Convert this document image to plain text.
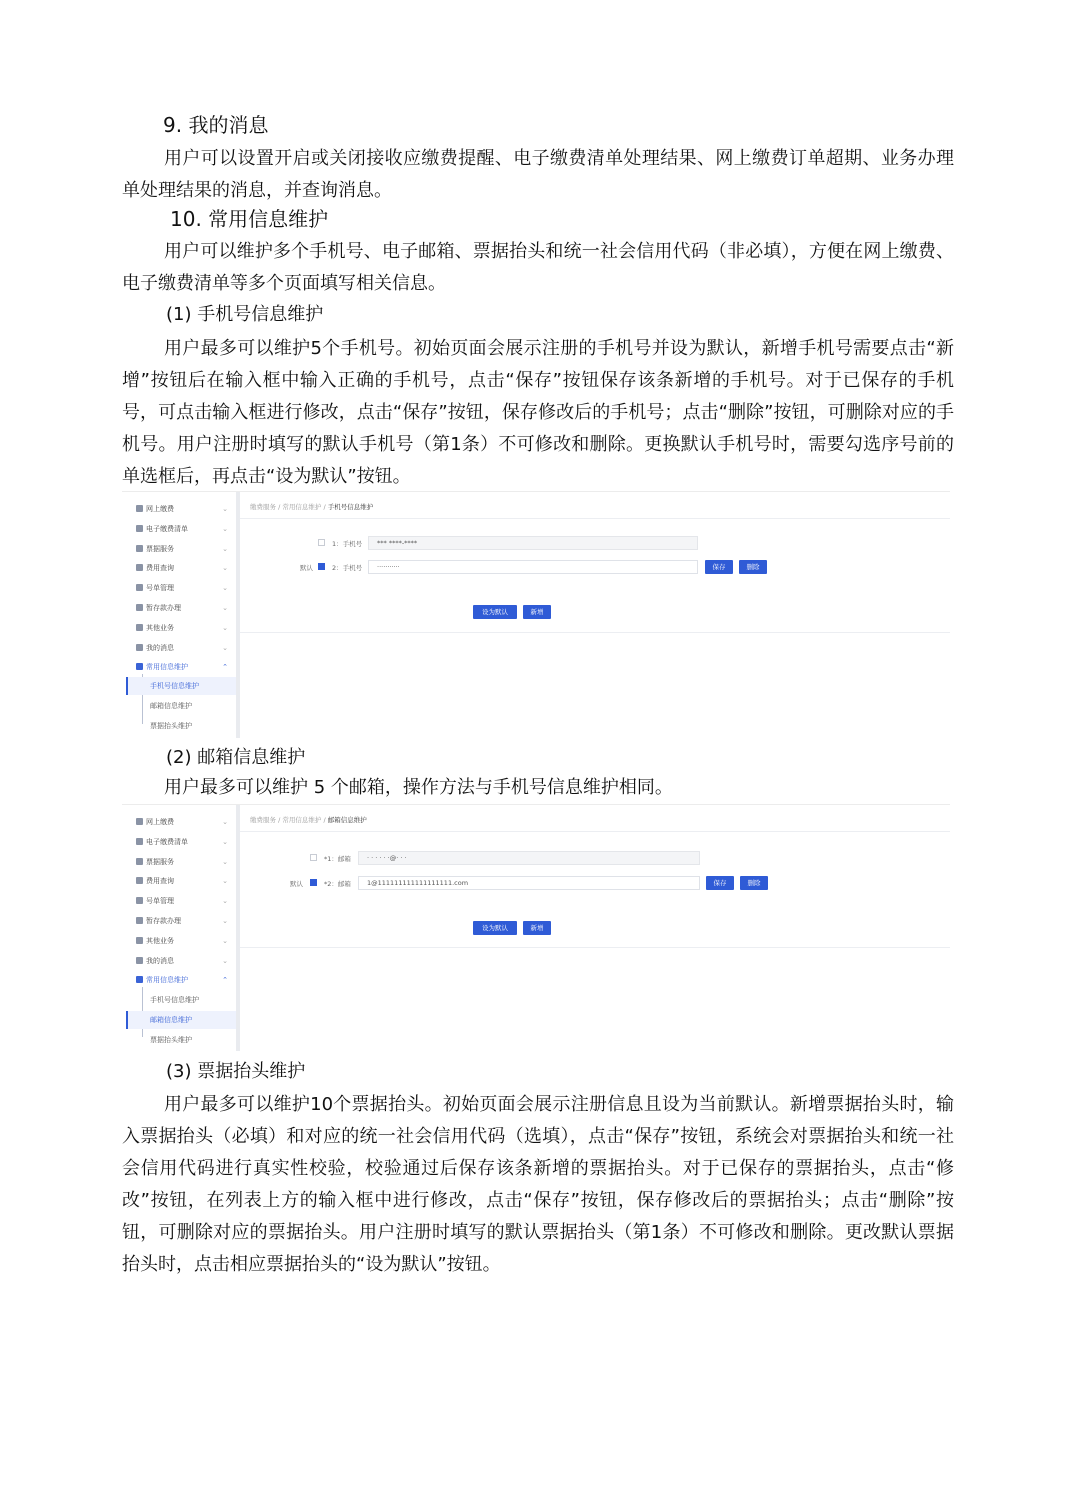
9. 我的消息
用户可以设置开启或关闭接收应缴费提醒、电子缴费清单处理结果、网上缴费订单超期、业务办理单处理结果的消息，并查询消息。
10. 常用信息维护
用户可以维护多个手机号、电子邮箱、票据抬头和统一社会信用代码（非必填），方便在网上缴费、电子缴费清单等多个页面填写相关信息。
(1) 手机号信息维护
用户最多可以维护5个手机号。初始页面会展示注册的手机号并设为默认，新增手机号需要点击“新增”按钮后在输入框中输入正确的手机号，点击“保存”按钮保存该条新增的手机号。对于已保存的手机号，可点击输入框进行修改，点击“保存”按钮，保存修改后的手机号；点击“删除”按钮，可删除对应的手机号。用户注册时填写的默认手机号（第1条）不可修改和删除。更换默认手机号时，需要勾选序号前的单选框后，再点击“设为默认”按钮。
网上缴费	⌄
电子缴费清单	⌄
票据服务	⌄
费用查询	⌄
号单管理	⌄
暂存款办理	⌄
其他业务	⌄
我的消息	⌄
常用信息维护	⌃
手机号信息维护
邮箱信息维护
票据抬头维护
缴费服务 / 常用信息维护 / 手机号信息维护
1：手机号	*** ****-****
默认	2：手机号	···········	保存	删除
设为默认	新增
(2) 邮箱信息维护
用户最多可以维护 5 个邮箱，操作方法与手机号信息维护相同。
网上缴费	⌄
电子缴费清单	⌄
票据服务	⌄
费用查询	⌄
号单管理	⌄
暂存款办理	⌄
其他业务	⌄
我的消息	⌄
常用信息维护	⌃
手机号信息维护
邮箱信息维护
票据抬头维护
缴费服务 / 常用信息维护 / 邮箱信息维护
*1：邮箱	· · · · · ·@· · ·
默认	*2：邮箱	1@111111111111111111.com	保存	删除
设为默认	新增
(3) 票据抬头维护
用户最多可以维护10个票据抬头。初始页面会展示注册信息且设为当前默认。新增票据抬头时，输入票据抬头（必填）和对应的统一社会信用代码（选填），点击“保存”按钮，系统会对票据抬头和统一社会信用代码进行真实性校验，校验通过后保存该条新增的票据抬头。对于已保存的票据抬头，点击“修改”按钮，在列表上方的输入框中进行修改，点击“保存”按钮，保存修改后的票据抬头；点击“删除”按钮，可删除对应的票据抬头。用户注册时填写的默认票据抬头（第1条）不可修改和删除。更改默认票据抬头时，点击相应票据抬头的“设为默认”按钮。
